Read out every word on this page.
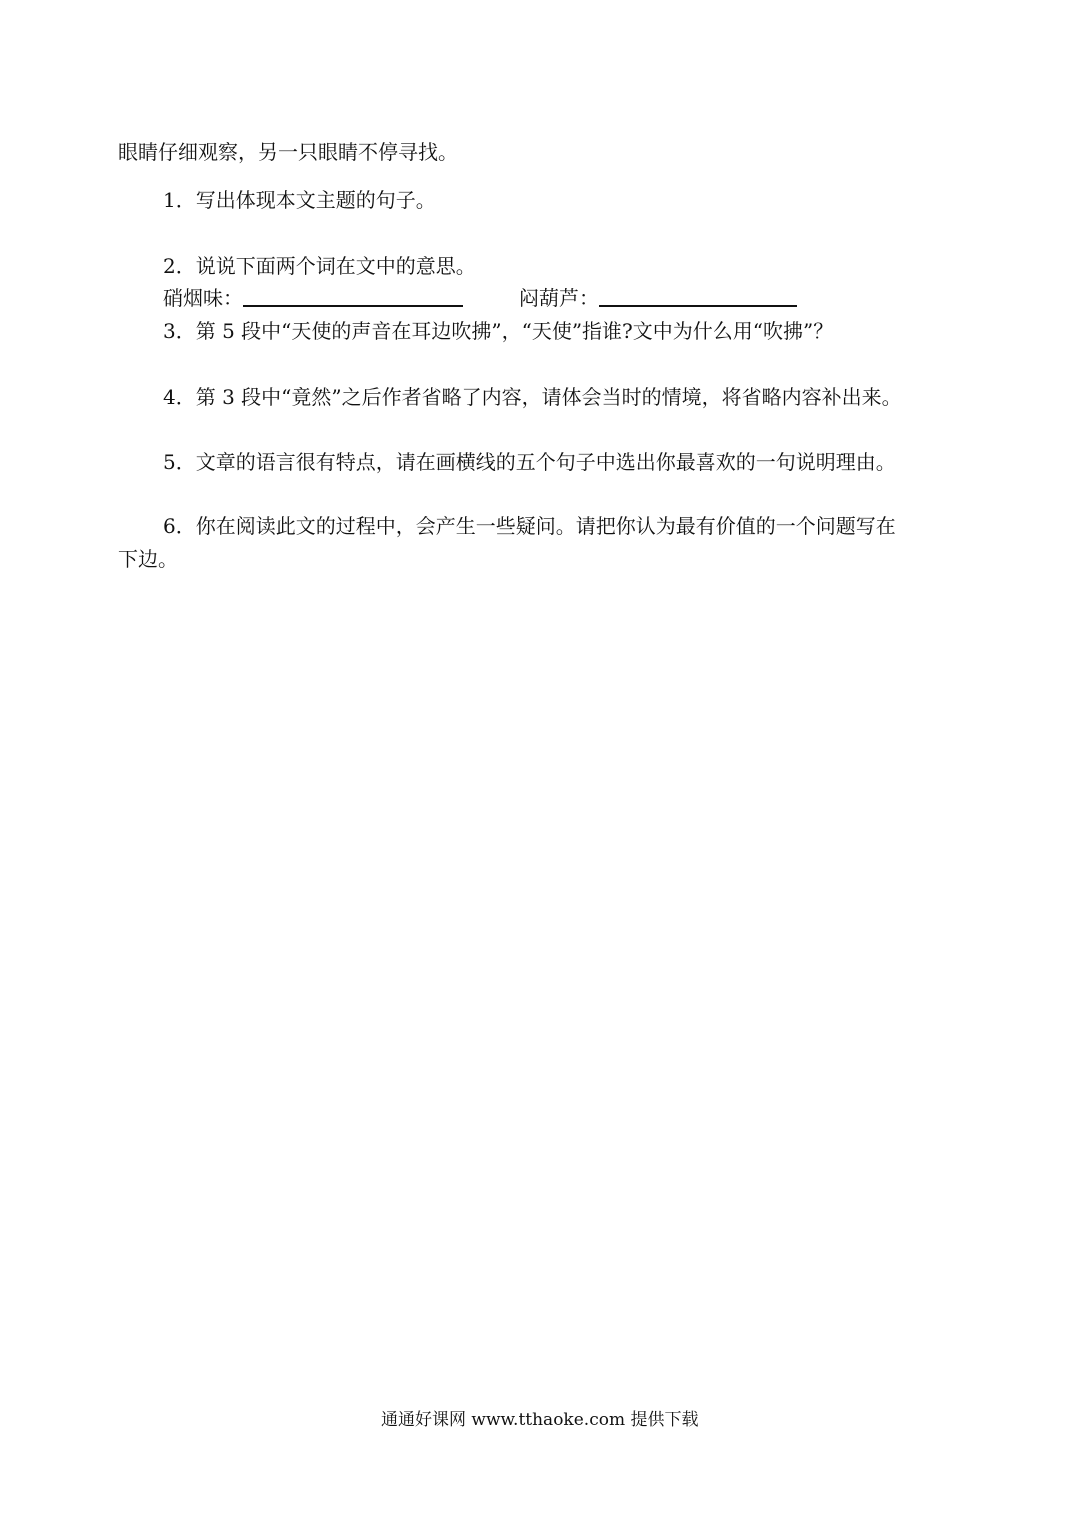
眼睛仔细观察，另一只眼睛不停寻找。
1．写出体现本文主题的句子。
2．说说下面两个词在文中的意思。
硝烟味：	闷葫芦：
3．第 5 段中“天使的声音在耳边吹拂”，“天使”指谁?文中为什么用“吹拂”？
4．第 3 段中“竟然”之后作者省略了内容，请体会当时的情境，将省略内容补出来。
5．文章的语言很有特点，请在画横线的五个句子中选出你最喜欢的一句说明理由。
6．你在阅读此文的过程中，会产生一些疑问。请把你认为最有价值的一个问题写在
下边。
通通好课网 www.tthaoke.com 提供下载
